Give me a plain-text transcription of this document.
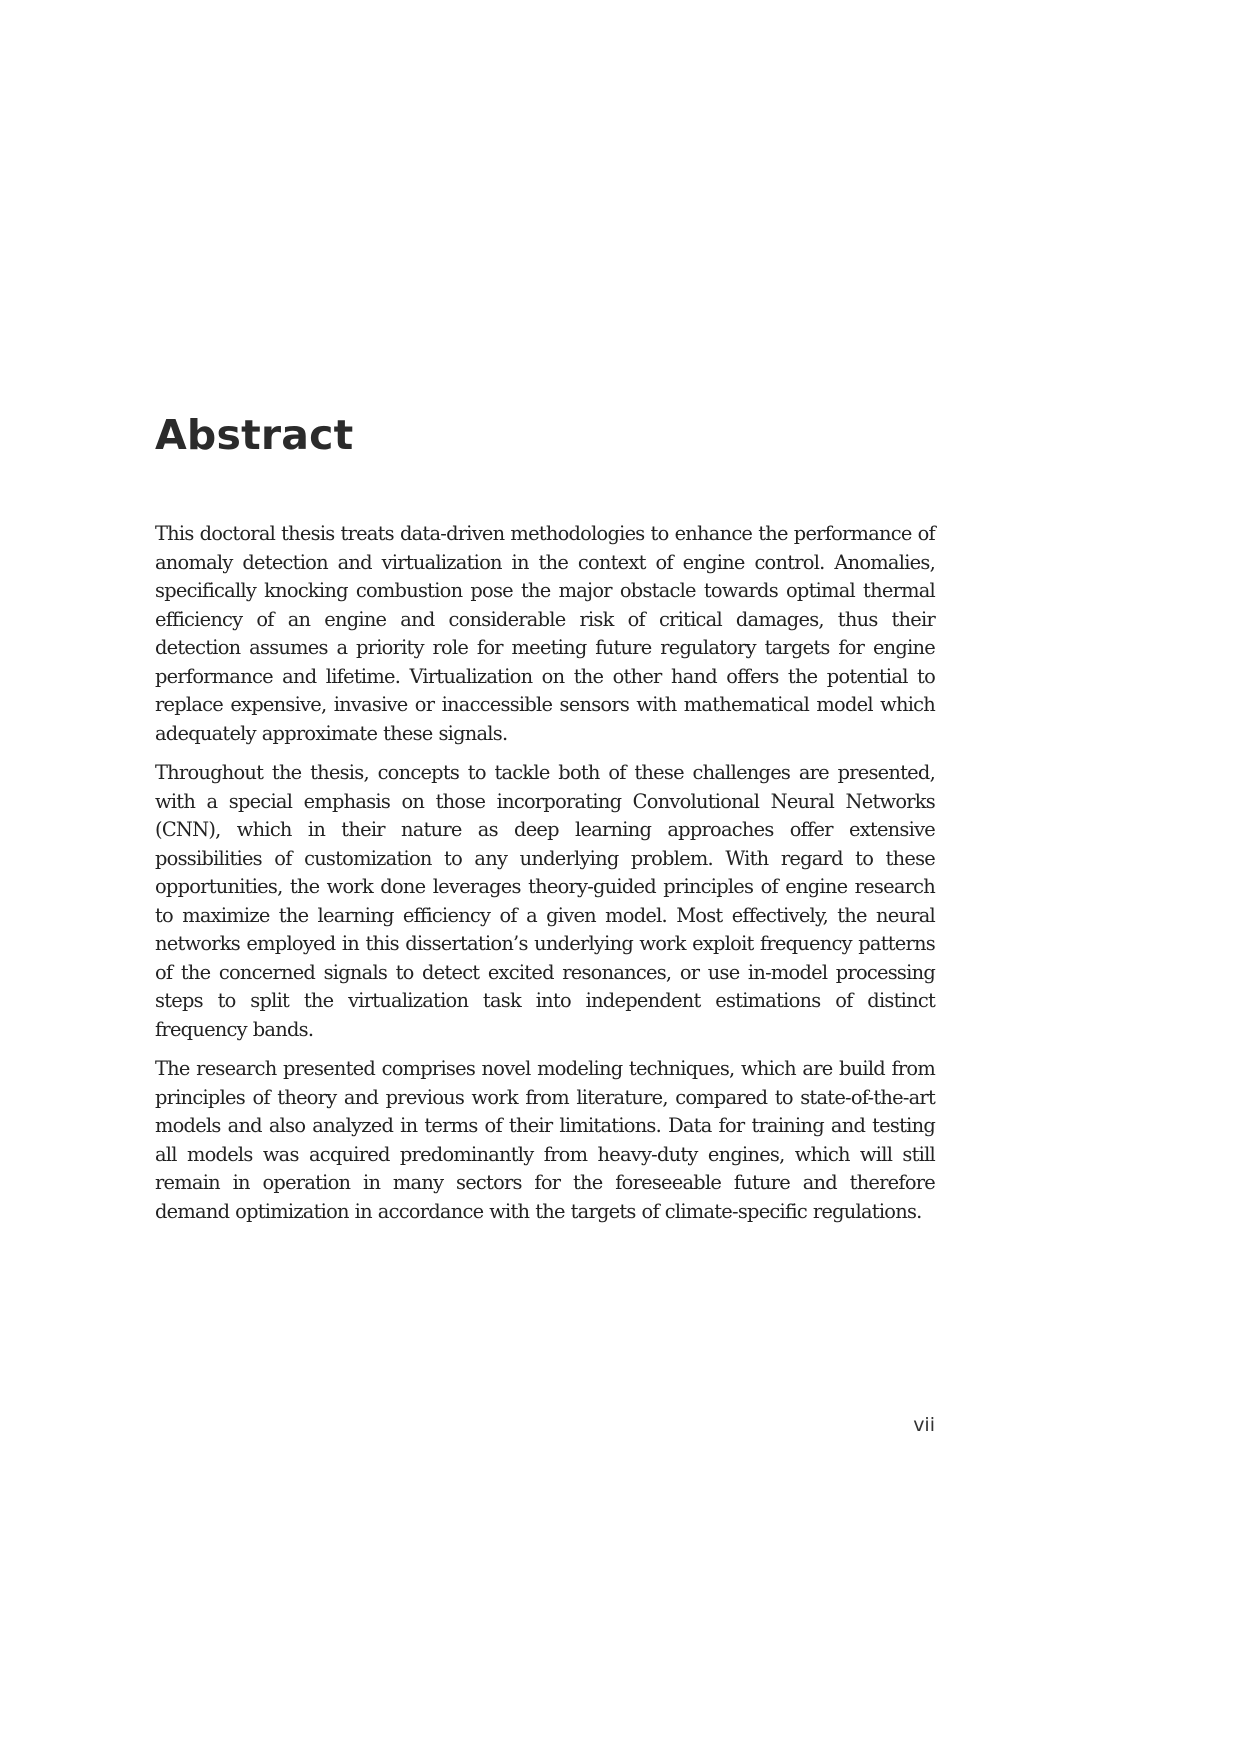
Abstract

This doctoral thesis treats data-driven methodologies to enhance the performance of anomaly detection and virtualization in the context of engine control. Anomalies, specifically knocking combustion pose the major obstacle towards optimal thermal efficiency of an engine and considerable risk of critical damages, thus their detection assumes a priority role for meeting future regulatory targets for engine performance and lifetime. Virtualization on the other hand offers the potential to replace expensive, invasive or inaccessible sensors with mathematical model which adequately approximate these signals.

Throughout the thesis, concepts to tackle both of these challenges are presented, with a special emphasis on those incorporating Convolutional Neural Networks (CNN), which in their nature as deep learning approaches offer extensive possibilities of customization to any underlying problem. With regard to these opportunities, the work done leverages theory-guided principles of engine research to maximize the learning efficiency of a given model. Most effectively, the neural networks employed in this dissertation’s underlying work exploit frequency patterns of the concerned signals to detect excited resonances, or use in-model processing steps to split the virtualization task into independent estimations of distinct frequency bands.

The research presented comprises novel modeling techniques, which are build from principles of theory and previous work from literature, compared to state-of-the-art models and also analyzed in terms of their limitations. Data for training and testing all models was acquired predominantly from heavy-duty engines, which will still remain in operation in many sectors for the foreseeable future and therefore demand optimization in accordance with the targets of climate-specific regulations.

vii
